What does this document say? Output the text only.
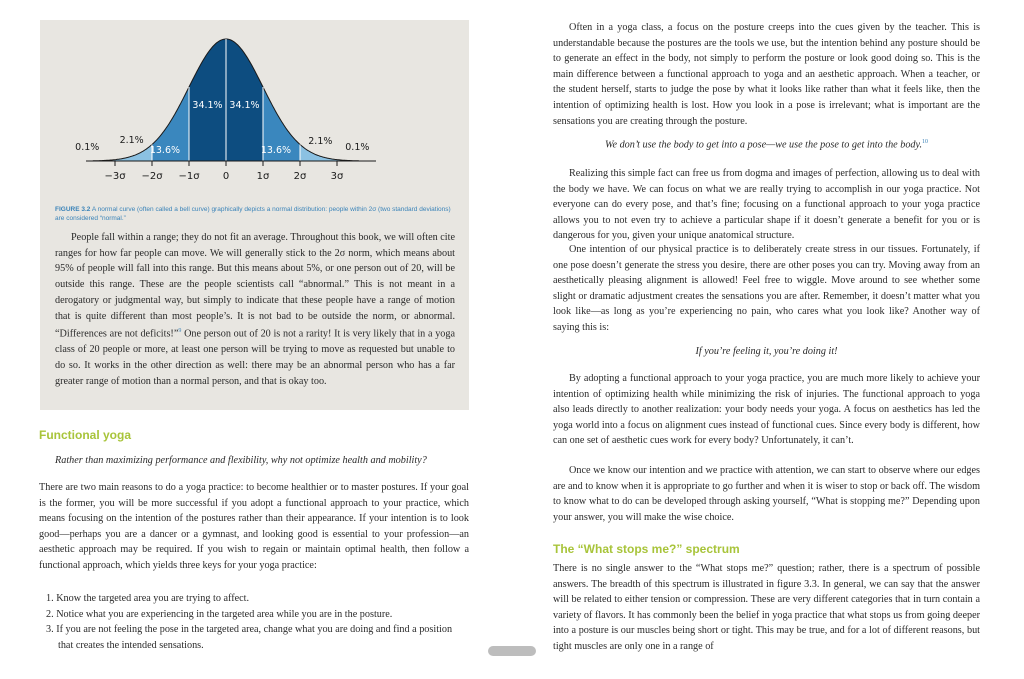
−3σ −2σ −1σ 0	1σ 2σ 3σ
0.1%
2.1%
13.6%
34.1% 34.1%
13.6%
2.1%
0.1%

FIGURE 3.2 A normal curve (often called a bell curve) graphically depicts a normal distribution: people within 2σ (two standard deviations) are considered “normal.”

People fall within a range; they do not fit an average. Throughout this book, we will often cite ranges for how far people can move. We will generally stick to the 2σ norm, which means about 95% of people will fall into this range. But this means about 5%, or one person out of 20, will be outside this range. These are the people scientists call “abnormal.” This is not meant in a derogatory or judgmental way, but simply to indicate that these people have a range of motion that is quite different than most people’s. It is not bad to be outside the norm, or abnormal. “Differences are not deficits!”$^9$ One person out of 20 is not a rarity! It is very likely that in a yoga class of 20 people or more, at least one person will be trying to move as requested but unable to do so. It works in the other direction as well: there may be an abnormal person who has a far greater range of motion than a normal person, and that is okay too.

Functional yoga

Rather than maximizing performance and flexibility, why not optimize health and mobility?

There are two main reasons to do a yoga practice: to become healthier or to master postures. If your goal is the former, you will be more successful if you adopt a functional approach to your practice, which means focusing on the intention of the postures rather than their appearance. If your intention is to look good—perhaps you are a dancer or a gymnast, and looking good is essential to your profession—an aesthetic approach may be required. If you wish to regain or maintain optimal health, then follow a functional approach, which yields three keys for your yoga practice:

1. Know the targeted area you are trying to affect.
2. Notice what you are experiencing in the targeted area while you are in the posture.
3. If you are not feeling the pose in the targeted area, change what you are doing and find a position that creates the intended sensations.

Often in a yoga class, a focus on the posture creeps into the cues given by the teacher. This is understandable because the postures are the tools we use, but the intention behind any posture should be to generate an effect in the body, not simply to perform the posture or look good doing so. This is the main difference between a functional approach to yoga and an aesthetic approach. When a teacher, or the student herself, starts to judge the pose by what it looks like rather than what it feels like, then the intention of optimizing health is lost. How you look in a pose is irrelevant; what is important are the sensations you are creating through the posture.

We don’t use the body to get into a pose—we use the pose to get into the body.$^{10}$

Realizing this simple fact can free us from dogma and images of perfection, allowing us to deal with the body we have. We can focus on what we are really trying to accomplish in our yoga practice. Not everyone can do every pose, and that’s fine; focusing on a functional approach to your yoga practice allows you to not even try to achieve a particular shape if it doesn’t generate a benefit for you or is dangerous for you, given your unique anatomical structure.

One intention of our physical practice is to deliberately create stress in our tissues. Fortunately, if one pose doesn’t generate the stress you desire, there are other poses you can try. Moving away from an aesthetically pleasing alignment is allowed! Feel free to wiggle. Move around to see whether some slight or dramatic adjustment creates the sensations you are after. Remember, it doesn’t matter what you look like—as long as you’re experiencing no pain, who cares what you look like? Another way of saying this is:

If you’re feeling it, you’re doing it!

By adopting a functional approach to your yoga practice, you are much more likely to achieve your intention of optimizing health while minimizing the risk of injuries. The functional approach to yoga also leads directly to another realization: your body needs your yoga. A focus on aesthetics has led the yoga world into a focus on alignment cues instead of functional cues. Since every body is different, how can one set of aesthetic cues work for every body? Unfortunately, it can’t.

Once we know our intention and we practice with attention, we can start to observe where our edges are and to know when it is appropriate to go further and when it is wiser to stop or back off. The wisdom to know what to do can be developed through asking yourself, “What is stopping me?” Depending upon your answer, you will make the wise choice.

The “What stops me?” spectrum

There is no single answer to the “What stops me?” question; rather, there is a spectrum of possible answers. The breadth of this spectrum is illustrated in figure 3.3. In general, we can say that the answer will be related to either tension or compression. These are very different categories that in turn contain a variety of flavors. It has commonly been the belief in yoga practice that what stops us from going deeper into a posture is our muscles being short or tight. This may be true, and for a lot of different reasons, but tight muscles are only one in a range of
